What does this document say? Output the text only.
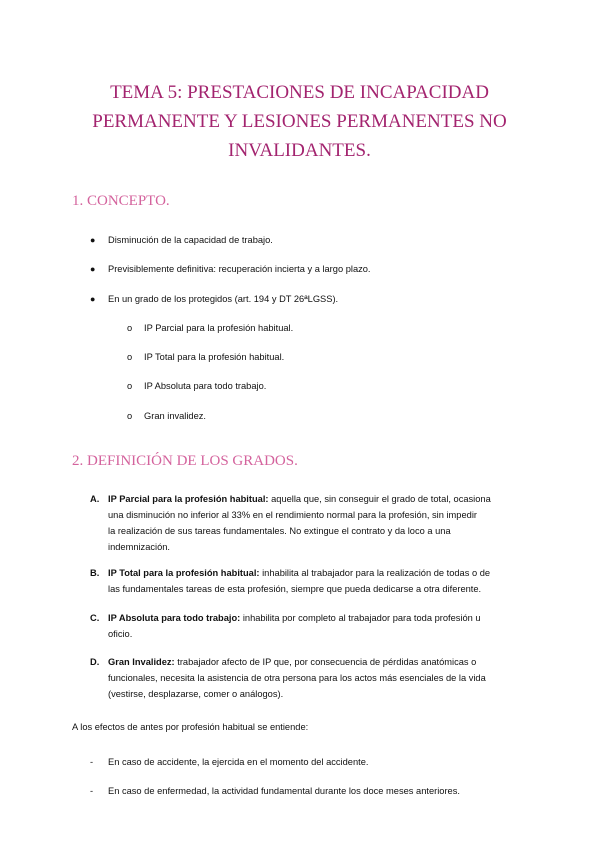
TEMA 5: PRESTACIONES DE INCAPACIDAD
PERMANENTE Y LESIONES PERMANENTES NO
INVALIDANTES.
1. CONCEPTO.
● Disminución de la capacidad de trabajo.
● Previsiblemente definitiva: recuperación incierta y a largo plazo.
● En un grado de los protegidos (art. 194 y DT 26ªLGSS).
o IP Parcial para la profesión habitual.
o IP Total para la profesión habitual.
o IP Absoluta para todo trabajo.
o Gran invalidez.
2. DEFINICIÓN DE LOS GRADOS.
A. IP Parcial para la profesión habitual: aquella que, sin conseguir el grado de total, ocasiona
una disminución no inferior al 33% en el rendimiento normal para la profesión, sin impedir
la realización de sus tareas fundamentales. No extingue el contrato y da loco a una
indemnización.
B. IP Total para la profesión habitual: inhabilita al trabajador para la realización de todas o de
las fundamentales tareas de esta profesión, siempre que pueda dedicarse a otra diferente.
C. IP Absoluta para todo trabajo: inhabilita por completo al trabajador para toda profesión u
oficio.
D. Gran Invalidez: trabajador afecto de IP que, por consecuencia de pérdidas anatómicas o
funcionales, necesita la asistencia de otra persona para los actos más esenciales de la vida
(vestirse, desplazarse, comer o análogos).
A los efectos de antes por profesión habitual se entiende:
- En caso de accidente, la ejercida en el momento del accidente.
- En caso de enfermedad, la actividad fundamental durante los doce meses anteriores.
